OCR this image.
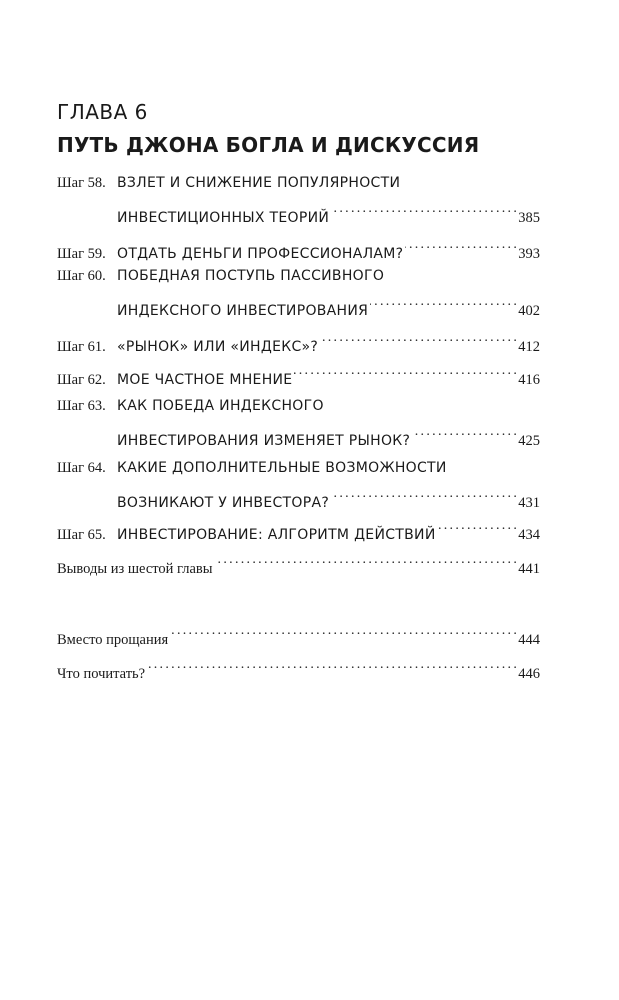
ГЛАВА 6
ПУТЬ ДЖОНА БОГЛА И ДИСКУССИЯ
Шаг 58. ВЗЛЕТ И СНИЖЕНИЕ ПОПУЛЯРНОСТИ
ИНВЕСТИЦИОННЫХ ТЕОРИЙ . . .	385
Шаг 59. ОТДАТЬ ДЕНЬГИ ПРОФЕССИОНАЛАМ? . . .	393
Шаг 60. ПОБЕДНАЯ ПОСТУПЬ ПАССИВНОГО
ИНДЕКСНОГО ИНВЕСТИРОВАНИЯ . . .	402
Шаг 61. «РЫНОК» ИЛИ «ИНДЕКС»? . . .	412
Шаг 62. МОЕ ЧАСТНОЕ МНЕНИЕ . . .	416
Шаг 63. КАК ПОБЕДА ИНДЕКСНОГО
ИНВЕСТИРОВАНИЯ ИЗМЕНЯЕТ РЫНОК? . . .	425
Шаг 64. КАКИЕ ДОПОЛНИТЕЛЬНЫЕ ВОЗМОЖНОСТИ
ВОЗНИКАЮТ У ИНВЕСТОРА? . . .	431
Шаг 65. ИНВЕСТИРОВАНИЕ: АЛГОРИТМ ДЕЙСТВИЙ . . .	434
Выводы из шестой главы . . .	441
Вместо прощания . . .	444
Что почитать? . . .	446
